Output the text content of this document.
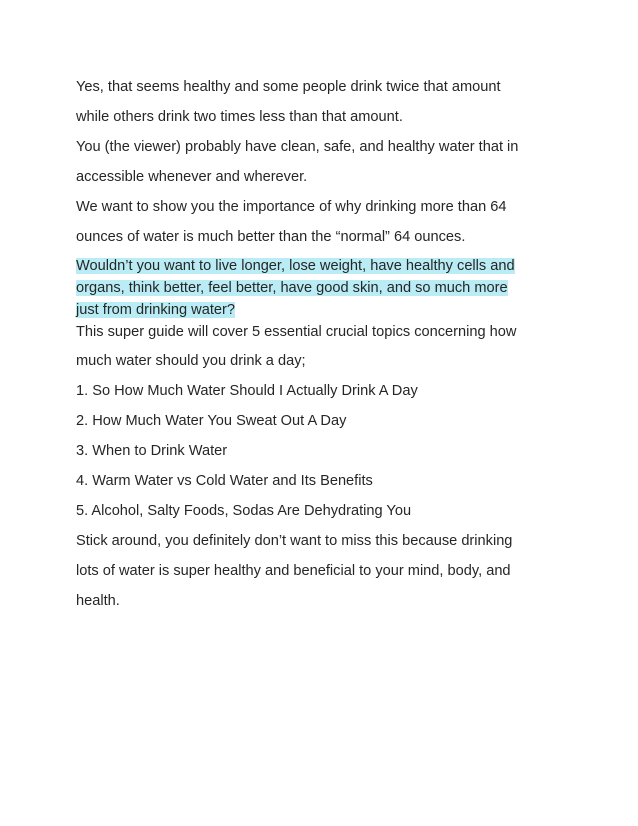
Yes, that seems healthy and some people drink twice that amount
while others drink two times less than that amount.
You (the viewer) probably have clean, safe, and healthy water that in
accessible whenever and wherever.
We want to show you the importance of why drinking more than 64
ounces of water is much better than the “normal” 64 ounces.
Wouldn’t you want to live longer, lose weight, have healthy cells and
organs, think better, feel better, have good skin, and so much more
just from drinking water?
This super guide will cover 5 essential crucial topics concerning how
much water should you drink a day;
1. So How Much Water Should I Actually Drink A Day
2. How Much Water You Sweat Out A Day
3. When to Drink Water
4. Warm Water vs Cold Water and Its Benefits
5. Alcohol, Salty Foods, Sodas Are Dehydrating You
Stick around, you definitely don’t want to miss this because drinking
lots of water is super healthy and beneficial to your mind, body, and
health.
